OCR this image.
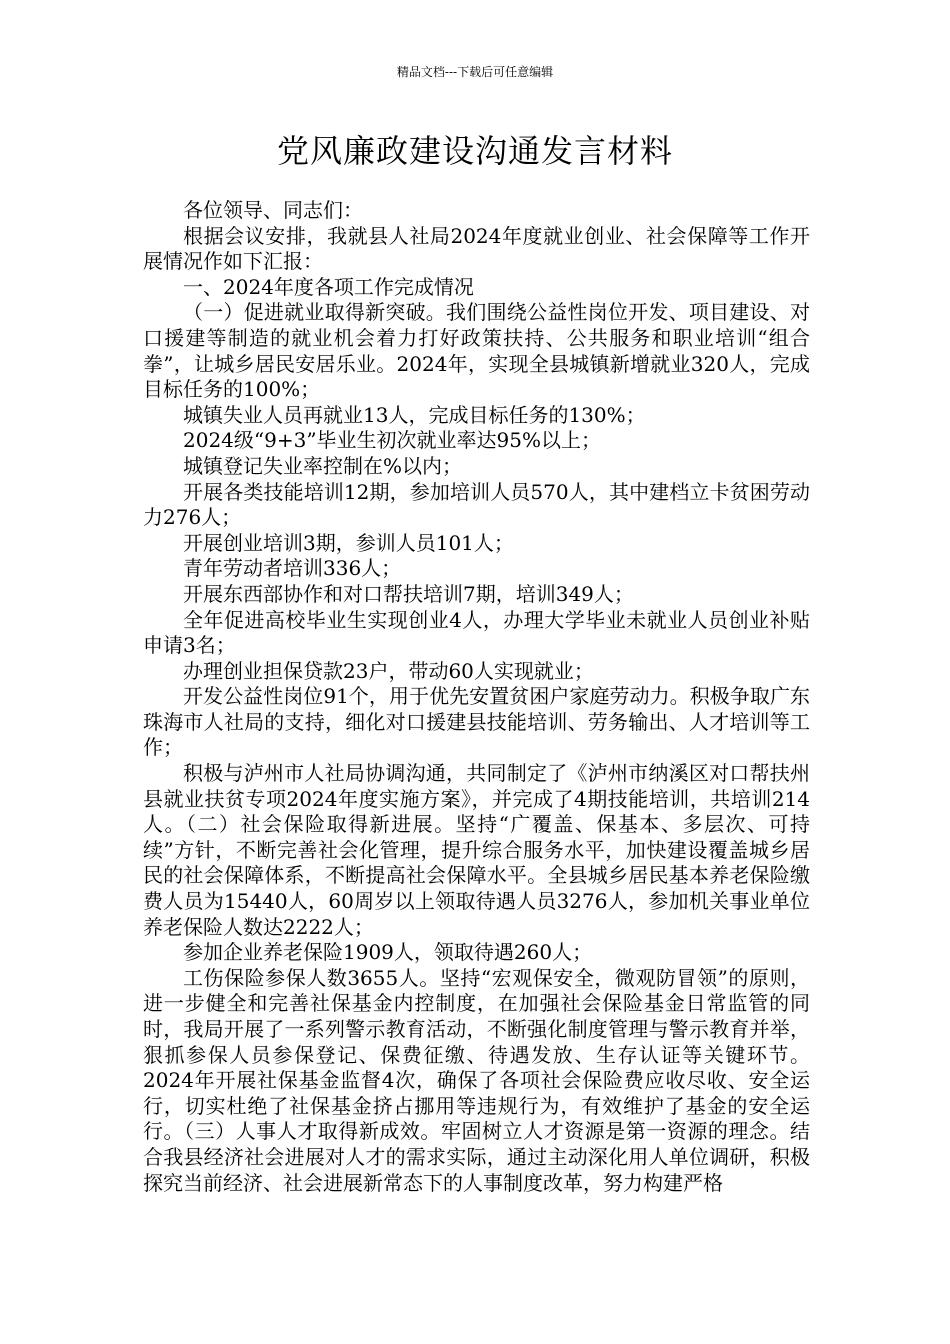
精品文档---下载后可任意编辑
党风廉政建设沟通发言材料

各位领导、同志们：

根据会议安排，我就县人社局2024年度就业创业、社会保障等工作开展情况作如下汇报：

一、2024年度各项工作完成情况

（一）促进就业取得新突破。我们围绕公益性岗位开发、项目建设、对口援建等制造的就业机会着力打好政策扶持、公共服务和职业培训“组合拳”，让城乡居民安居乐业。2024年，实现全县城镇新增就业320人，完成目标任务的100%；

城镇失业人员再就业13人，完成目标任务的130%；

2024级“9+3”毕业生初次就业率达95%以上；

城镇登记失业率控制在%以内；

开展各类技能培训12期，参加培训人员570人，其中建档立卡贫困劳动力276人；

开展创业培训3期，参训人员101人；

青年劳动者培训336人；

开展东西部协作和对口帮扶培训7期，培训349人；

全年促进高校毕业生实现创业4人，办理大学毕业未就业人员创业补贴申请3名；

办理创业担保贷款23户，带动60人实现就业；

开发公益性岗位91个，用于优先安置贫困户家庭劳动力。积极争取广东珠海市人社局的支持，细化对口援建县技能培训、劳务输出、人才培训等工作；

积极与泸州市人社局协调沟通，共同制定了《泸州市纳溪区对口帮扶州县就业扶贫专项2024年度实施方案》，并完成了4期技能培训，共培训214人。（二）社会保险取得新进展。坚持“广覆盖、保基本、多层次、可持续”方针，不断完善社会化管理，提升综合服务水平，加快建设覆盖城乡居民的社会保障体系，不断提高社会保障水平。全县城乡居民基本养老保险缴费人员为15440人，60周岁以上领取待遇人员3276人，参加机关事业单位养老保险人数达2222人；

参加企业养老保险1909人，领取待遇260人；

工伤保险参保人数3655人。坚持“宏观保安全，微观防冒领”的原则，进一步健全和完善社保基金内控制度，在加强社会保险基金日常监管的同时，我局开展了一系列警示教育活动，不断强化制度管理与警示教育并举，狠抓参保人员参保登记、保费征缴、待遇发放、生存认证等关键环节。2024年开展社保基金监督4次，确保了各项社会保险费应收尽收、安全运行，切实杜绝了社保基金挤占挪用等违规行为，有效维护了基金的安全运行。（三）人事人才取得新成效。牢固树立人才资源是第一资源的理念。结合我县经济社会进展对人才的需求实际，通过主动深化用人单位调研，积极探究当前经济、社会进展新常态下的人事制度改革，努力构建严格
